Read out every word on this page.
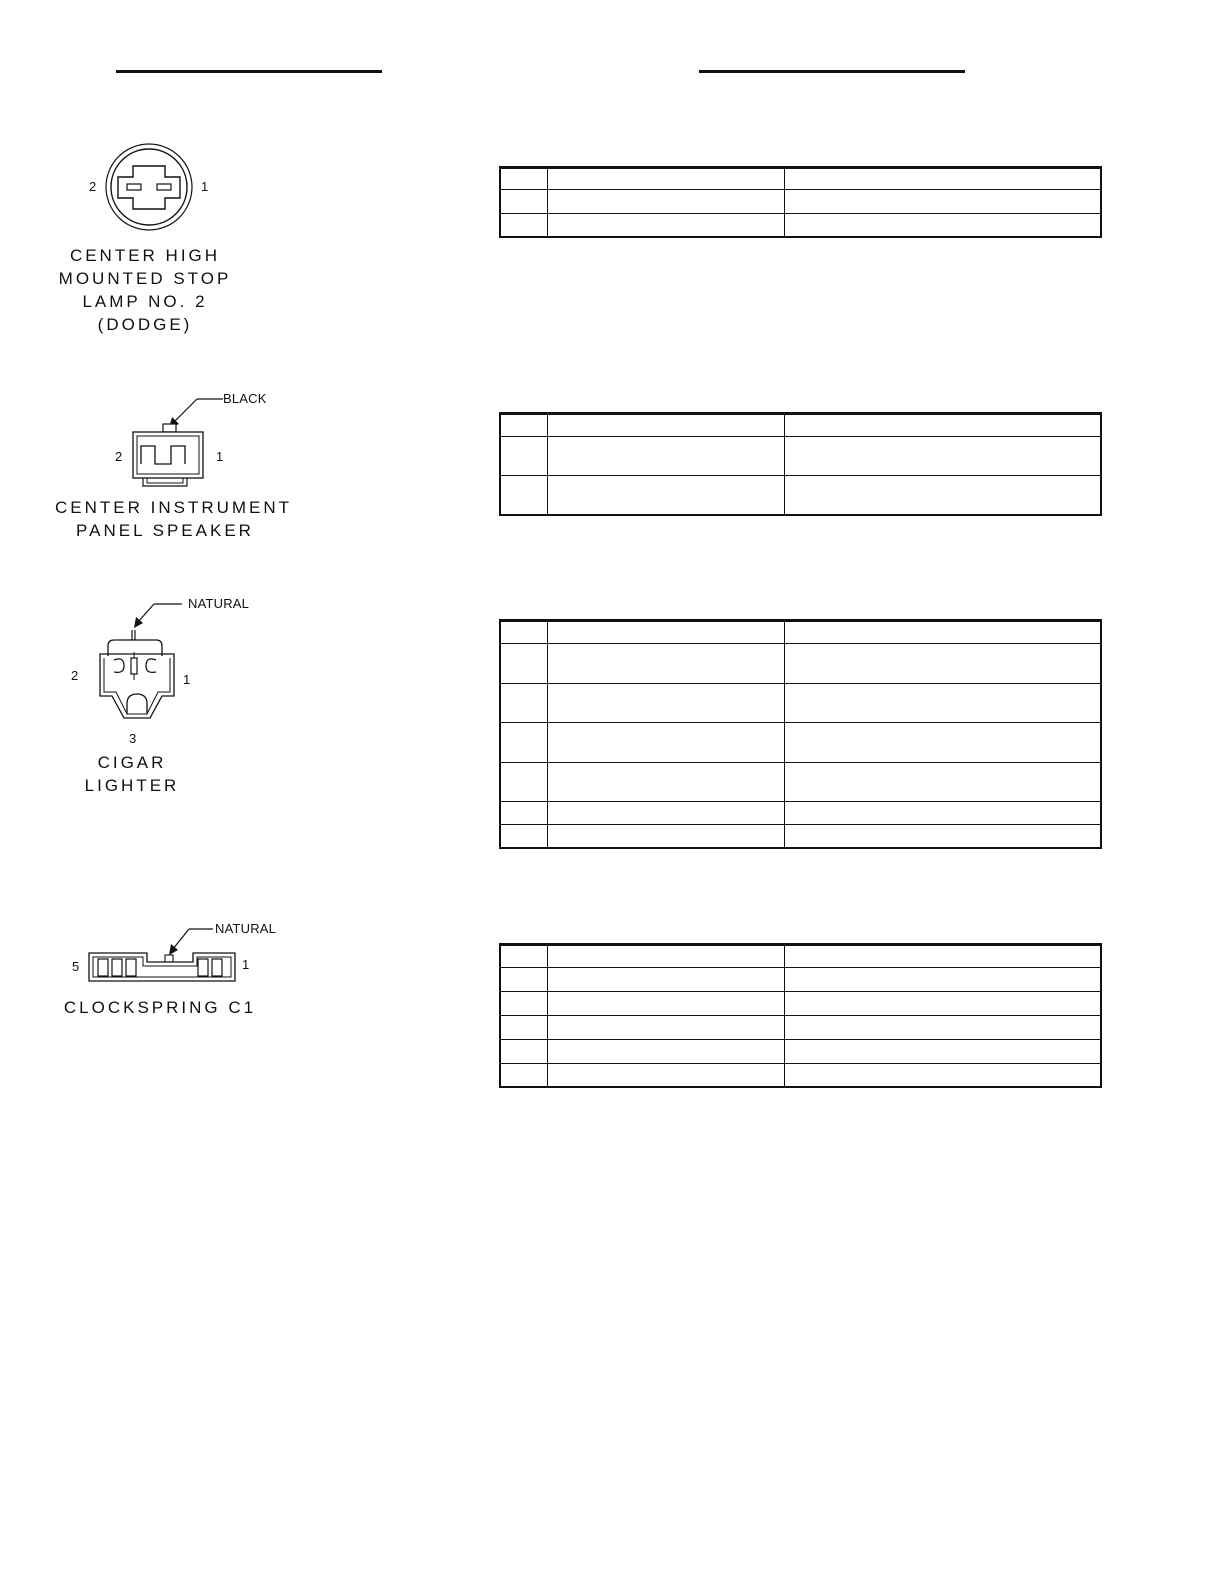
2	1
CENTER HIGH
MOUNTED STOP
LAMP NO. 2
(DODGE)

BLACK
2	1
CENTER INSTRUMENT
PANEL SPEAKER

NATURAL
2	1
3
CIGAR
LIGHTER

NATURAL
5	1
CLOCKSPRING C1
